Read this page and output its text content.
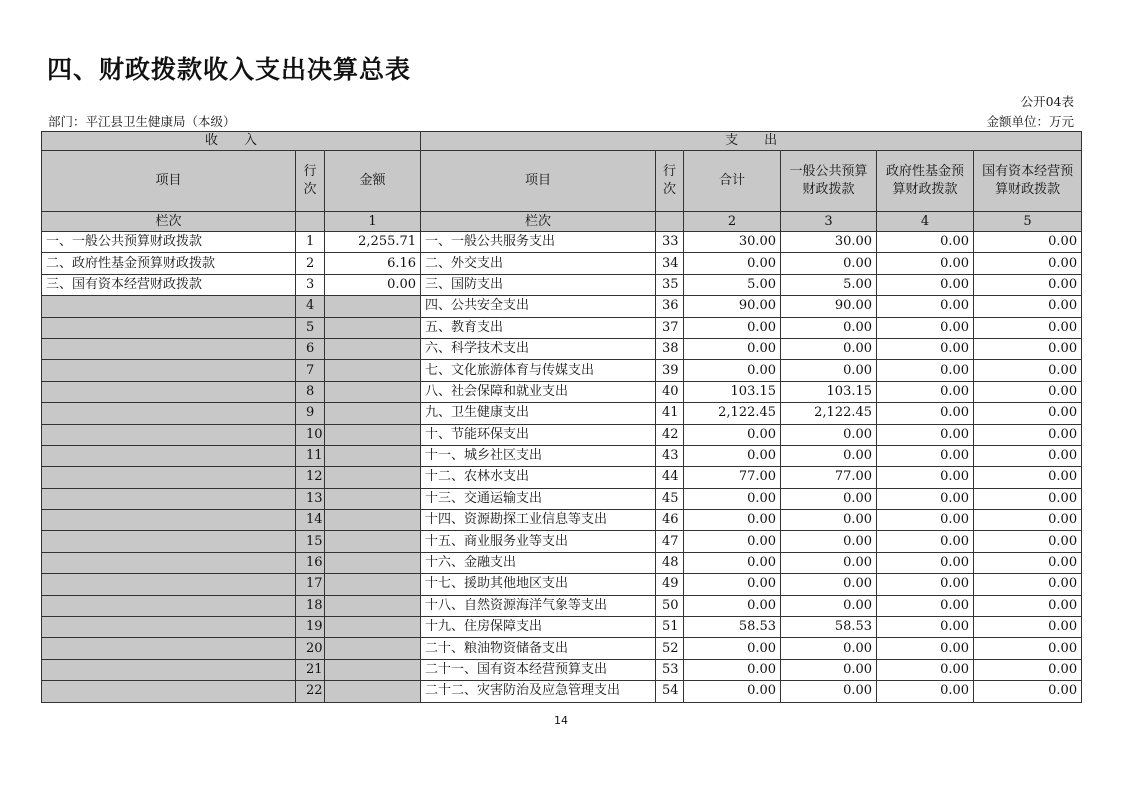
四、财政拨款收入支出决算总表
公开04表
部门：平江县卫生健康局（本级）	金额单位：万元
收　　入			支　　出					
项目	行次	金额	项目	行次	合计	一般公共预算财政拨款	政府性基金预算财政拨款	国有资本经营预算财政拨款
栏次		1	栏次		2	3	4	5
一、一般公共预算财政拨款	1	2,255.71	一、一般公共服务支出	33	30.00	30.00	0.00	0.00
二、政府性基金预算财政拨款	2	6.16	二、外交支出	34	0.00	0.00	0.00	0.00
三、国有资本经营财政拨款	3	0.00	三、国防支出	35	5.00	5.00	0.00	0.00
	4		四、公共安全支出	36	90.00	90.00	0.00	0.00
	5		五、教育支出	37	0.00	0.00	0.00	0.00
	6		六、科学技术支出	38	0.00	0.00	0.00	0.00
	7		七、文化旅游体育与传媒支出	39	0.00	0.00	0.00	0.00
	8		八、社会保障和就业支出	40	103.15	103.15	0.00	0.00
	9		九、卫生健康支出	41	2,122.45	2,122.45	0.00	0.00
	10		十、节能环保支出	42	0.00	0.00	0.00	0.00
	11		十一、城乡社区支出	43	0.00	0.00	0.00	0.00
	12		十二、农林水支出	44	77.00	77.00	0.00	0.00
	13		十三、交通运输支出	45	0.00	0.00	0.00	0.00
	14		十四、资源勘探工业信息等支出	46	0.00	0.00	0.00	0.00
	15		十五、商业服务业等支出	47	0.00	0.00	0.00	0.00
	16		十六、金融支出	48	0.00	0.00	0.00	0.00
	17		十七、援助其他地区支出	49	0.00	0.00	0.00	0.00
	18		十八、自然资源海洋气象等支出	50	0.00	0.00	0.00	0.00
	19		十九、住房保障支出	51	58.53	58.53	0.00	0.00
	20		二十、粮油物资储备支出	52	0.00	0.00	0.00	0.00
	21		二十一、国有资本经营预算支出	53	0.00	0.00	0.00	0.00
	22		二十二、灾害防治及应急管理支出	54	0.00	0.00	0.00	0.00
14
